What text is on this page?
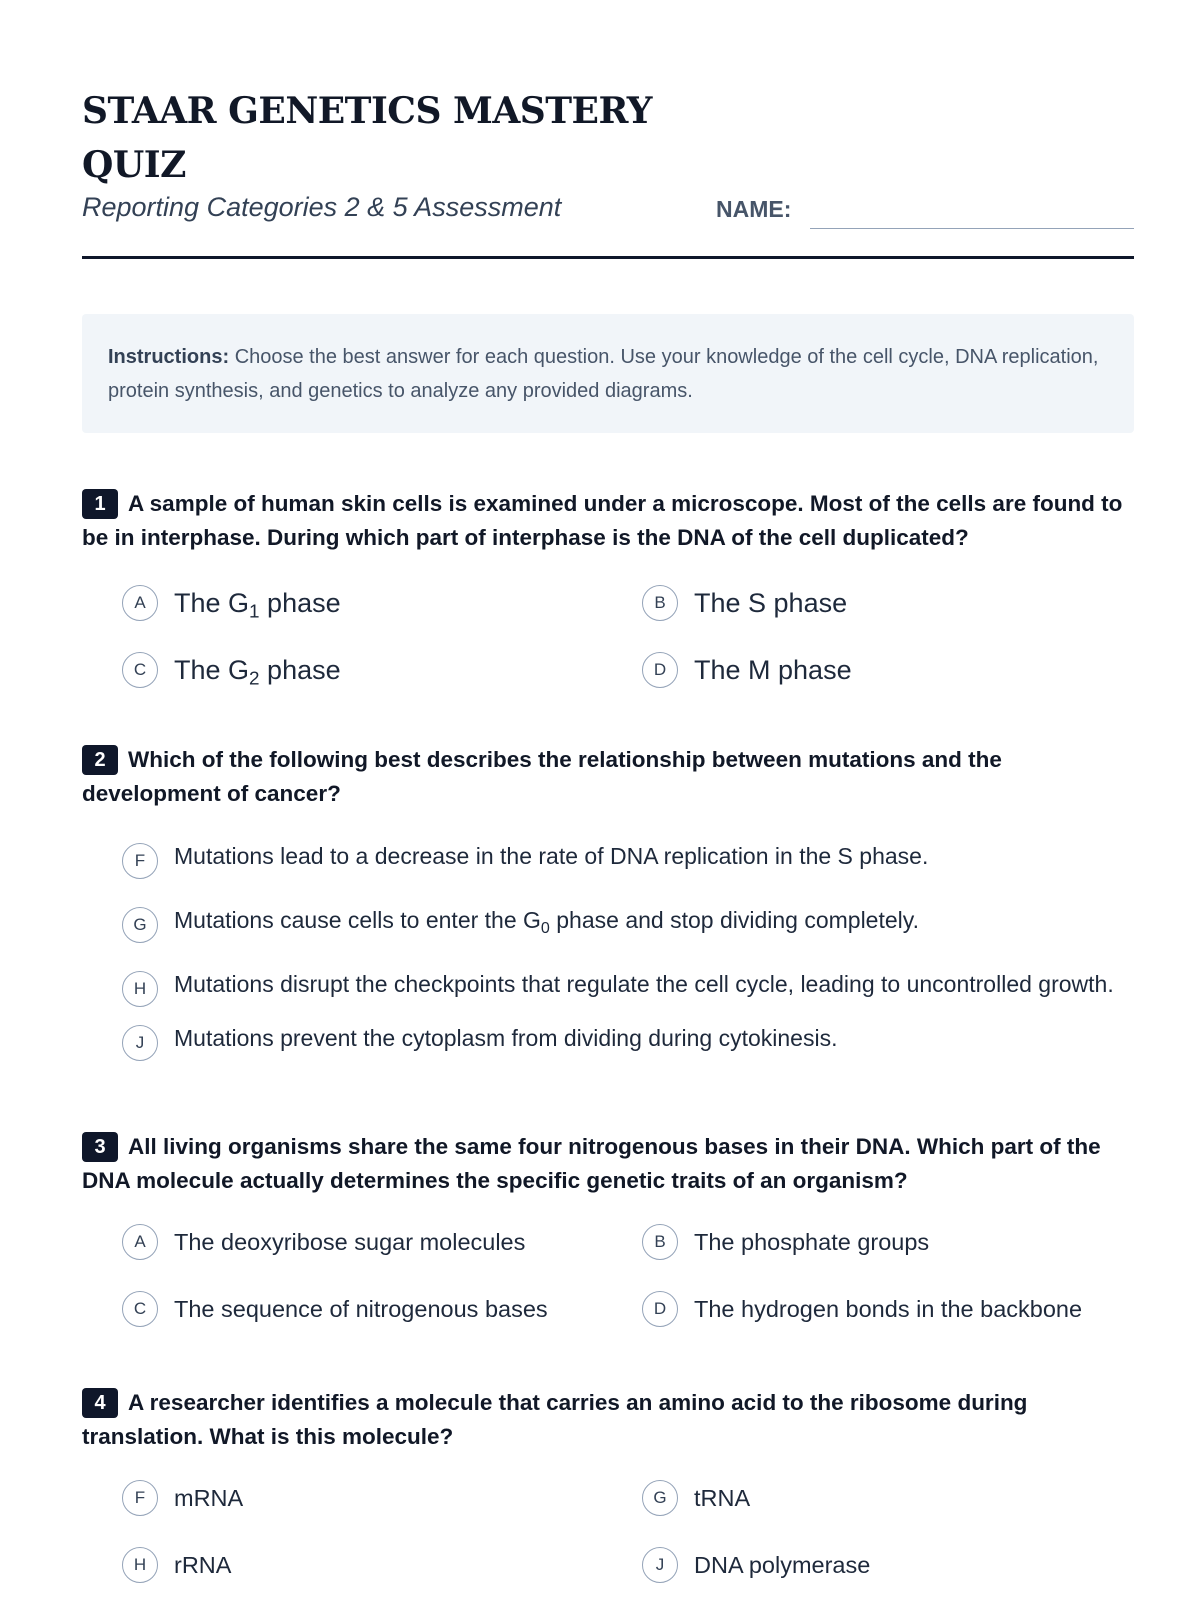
STAAR GENETICS MASTERY QUIZ
Reporting Categories 2 & 5 Assessment	NAME:
Instructions: Choose the best answer for each question. Use your knowledge of the cell cycle, DNA replication, protein synthesis, and genetics to analyze any provided diagrams.

1 A sample of human skin cells is examined under a microscope. Most of the cells are found to be in interphase. During which part of interphase is the DNA of the cell duplicated?

A	The $G_1$ phase	B	The S phase
C	The $G_2$ phase	D	The M phase

2 Which of the following best describes the relationship between mutations and the development of cancer?

F	Mutations lead to a decrease in the rate of DNA replication in the S phase.
G	Mutations cause cells to enter the $G_0$ phase and stop dividing completely.
H	Mutations disrupt the checkpoints that regulate the cell cycle, leading to uncontrolled growth.
J	Mutations prevent the cytoplasm from dividing during cytokinesis.

3 All living organisms share the same four nitrogenous bases in their DNA. Which part of the DNA molecule actually determines the specific genetic traits of an organism?

A	The deoxyribose sugar molecules	B	The phosphate groups
C	The sequence of nitrogenous bases	D	The hydrogen bonds in the backbone

4 A researcher identifies a molecule that carries an amino acid to the ribosome during translation. What is this molecule?

F	mRNA	G	tRNA
H	rRNA	J	DNA polymerase
